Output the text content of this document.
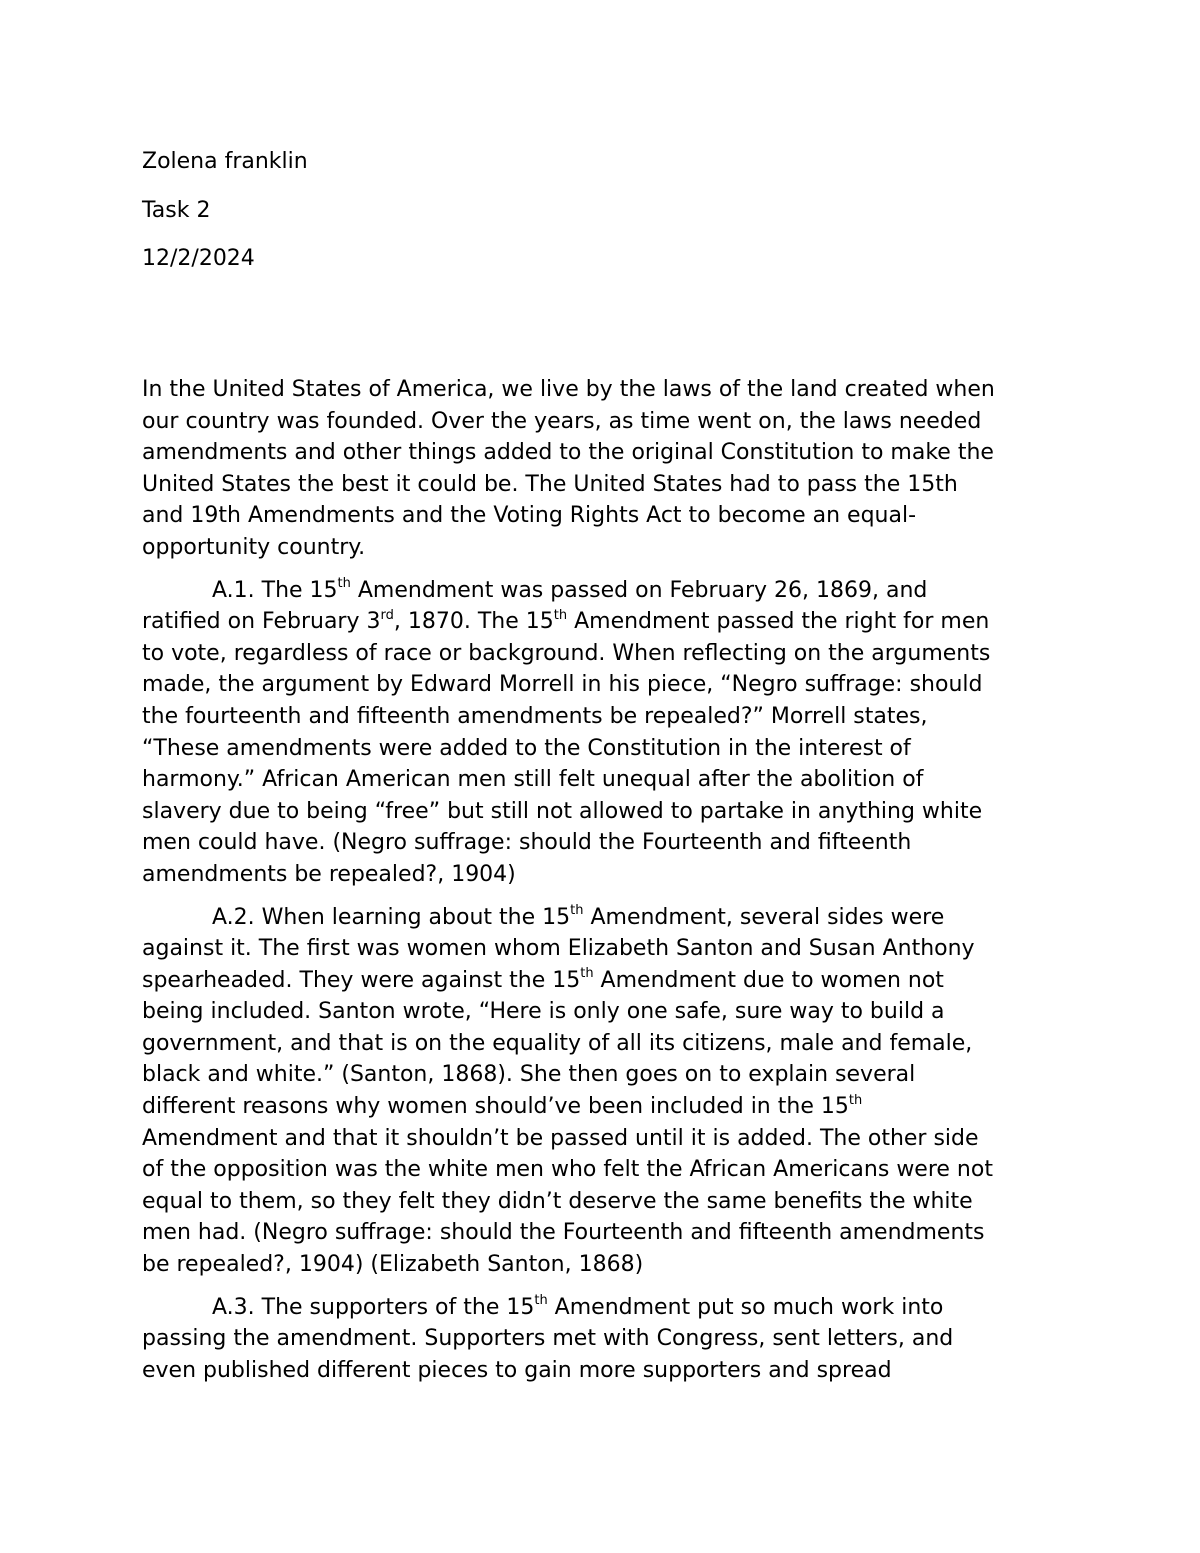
Zolena franklin
Task 2
12/2/2024
In the United States of America, we live by the laws of the land created when
our country was founded. Over the years, as time went on, the laws needed
amendments and other things added to the original Constitution to make the
United States the best it could be. The United States had to pass the 15th
and 19th Amendments and the Voting Rights Act to become an equal-
opportunity country.
A.1. The 15th Amendment was passed on February 26, 1869, and
ratified on February 3rd, 1870. The 15th Amendment passed the right for men
to vote, regardless of race or background. When reflecting on the arguments
made, the argument by Edward Morrell in his piece, “Negro suffrage: should
the fourteenth and fifteenth amendments be repealed?” Morrell states,
“These amendments were added to the Constitution in the interest of
harmony.” African American men still felt unequal after the abolition of
slavery due to being “free” but still not allowed to partake in anything white
men could have. (Negro suffrage: should the Fourteenth and fifteenth
amendments be repealed?, 1904)
A.2. When learning about the 15th Amendment, several sides were
against it. The first was women whom Elizabeth Santon and Susan Anthony
spearheaded. They were against the 15th Amendment due to women not
being included. Santon wrote, “Here is only one safe, sure way to build a
government, and that is on the equality of all its citizens, male and female,
black and white.” (Santon, 1868). She then goes on to explain several
different reasons why women should’ve been included in the 15th
Amendment and that it shouldn’t be passed until it is added. The other side
of the opposition was the white men who felt the African Americans were not
equal to them, so they felt they didn’t deserve the same benefits the white
men had. (Negro suffrage: should the Fourteenth and fifteenth amendments
be repealed?, 1904) (Elizabeth Santon, 1868)
A.3. The supporters of the 15th Amendment put so much work into
passing the amendment. Supporters met with Congress, sent letters, and
even published different pieces to gain more supporters and spread
